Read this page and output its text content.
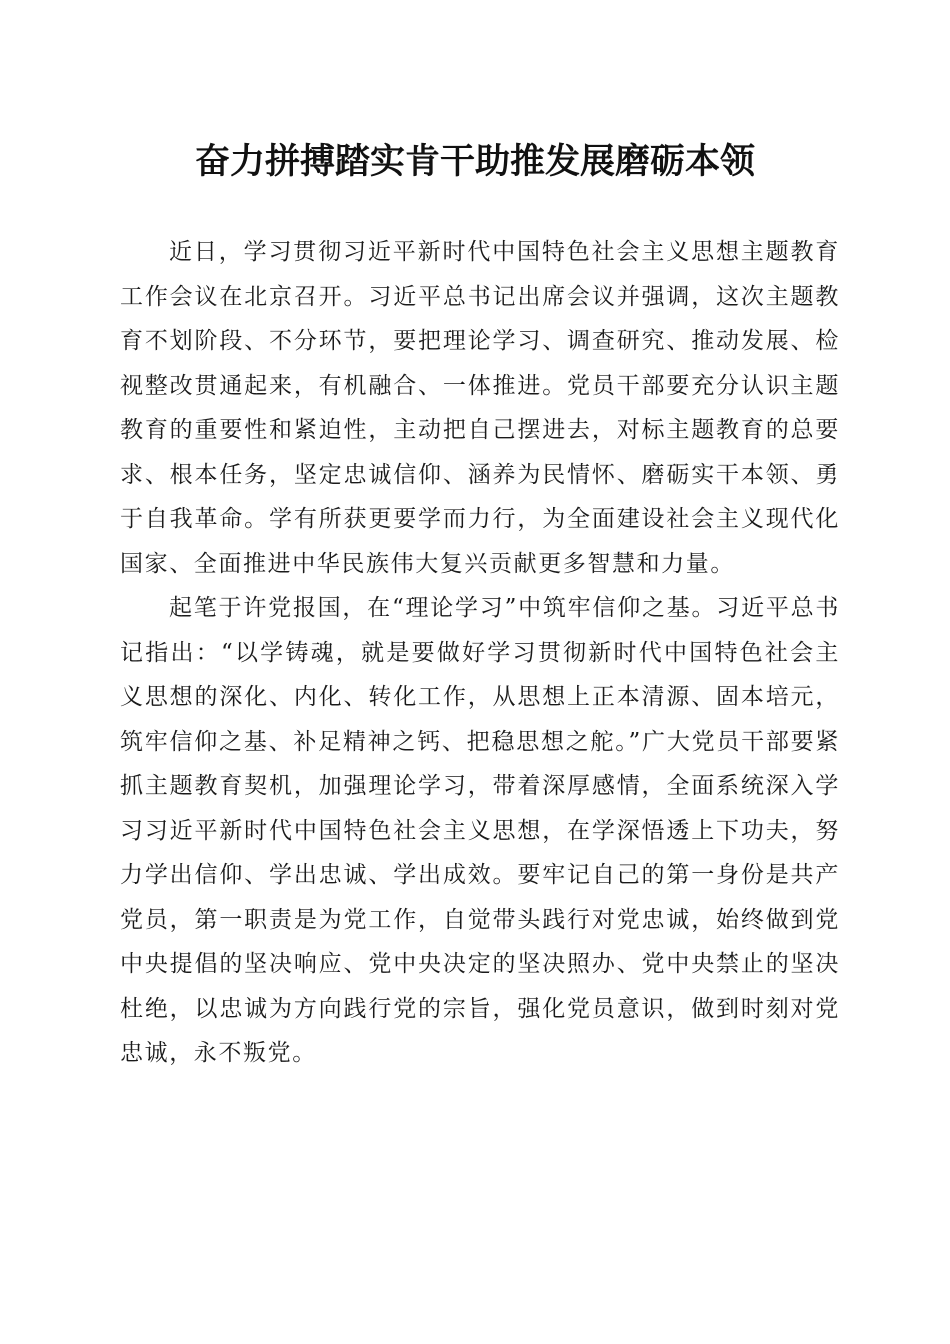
奋力拼搏踏实肯干助推发展磨砺本领

近日，学习贯彻习近平新时代中国特色社会主义思想主题教育工作会议在北京召开。习近平总书记出席会议并强调，这次主题教育不划阶段、不分环节，要把理论学习、调查研究、推动发展、检视整改贯通起来，有机融合、一体推进。党员干部要充分认识主题教育的重要性和紧迫性，主动把自己摆进去，对标主题教育的总要求、根本任务，坚定忠诚信仰、涵养为民情怀、磨砺实干本领、勇于自我革命。学有所获更要学而力行，为全面建设社会主义现代化国家、全面推进中华民族伟大复兴贡献更多智慧和力量。

起笔于许党报国，在“理论学习”中筑牢信仰之基。习近平总书记指出：“以学铸魂，就是要做好学习贯彻新时代中国特色社会主义思想的深化、内化、转化工作，从思想上正本清源、固本培元，筑牢信仰之基、补足精神之钙、把稳思想之舵。”广大党员干部要紧抓主题教育契机，加强理论学习，带着深厚感情，全面系统深入学习习近平新时代中国特色社会主义思想，在学深悟透上下功夫，努力学出信仰、学出忠诚、学出成效。要牢记自己的第一身份是共产党员，第一职责是为党工作，自觉带头践行对党忠诚，始终做到党中央提倡的坚决响应、党中央决定的坚决照办、党中央禁止的坚决杜绝，以忠诚为方向践行党的宗旨，强化党员意识，做到时刻对党忠诚，永不叛党。
